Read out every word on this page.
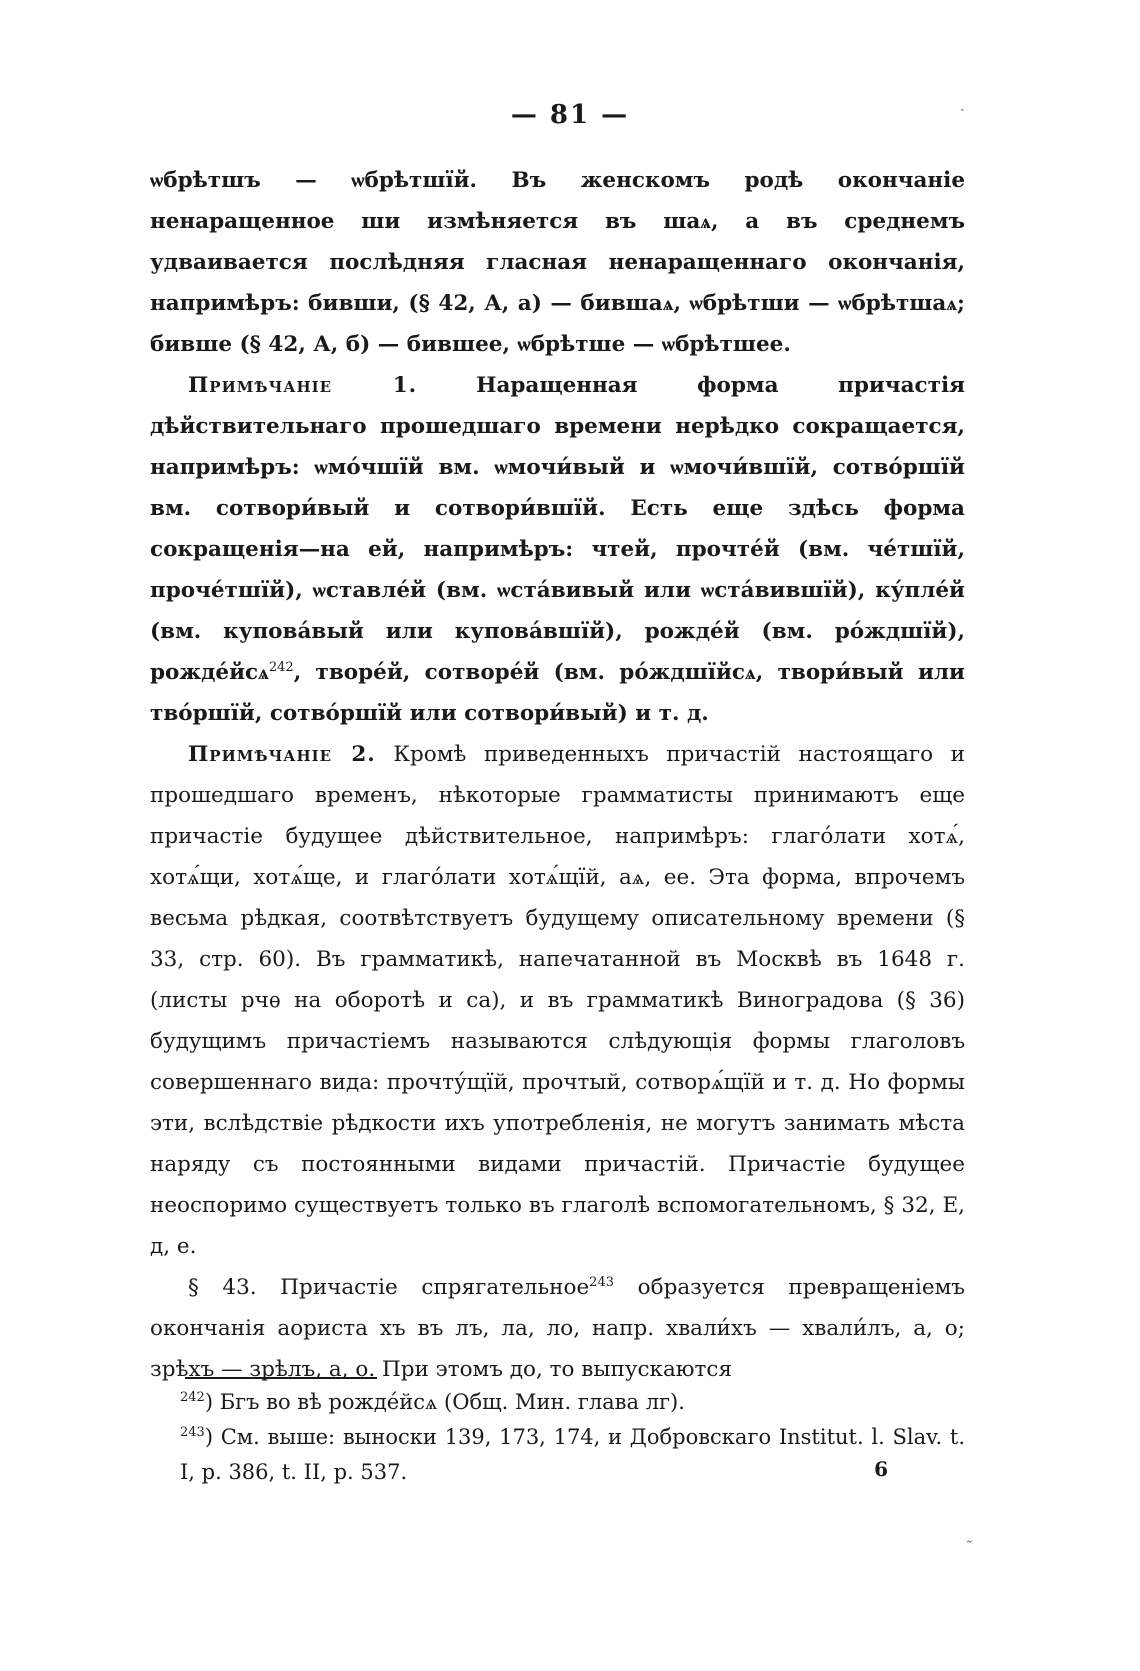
— 81 —

ѡбрѣтшъ — ѡбрѣтшїй. Въ женскомъ родѣ окончаніе ненаращенное ши измѣняется въ шаѧ, а въ среднемъ удваивается послѣдняя гласная ненаращеннаго окончанія, напримѣръ: бивши, (§ 42, А, а) — бившаѧ, ѡбрѣтши — ѡбрѣтшаѧ; бивше (§ 42, А, б) — бившее, ѡбрѣтше — ѡбрѣтшее.

Примѣчаніе 1.	Наращенная форма причастія дѣйствительнаго прошедшаго времени нерѣдко сокращается, напримѣръ: ѡмо́чшїй вм. ѡмочи́вый и ѡмочи́вшїй, сотво́ршїй вм. сотвори́вый и сотвори́вшїй. Есть еще здѣсь форма сокращенія—на ей, напримѣръ: чтей, прочте́й (вм. че́тшїй, проче́тшїй), ѡставле́й (вм. ѡста́вивый или ѡста́вившїй), ку́пле́й (вм. купова́вый или купова́вшїй), рожде́й (вм. ро́ждшїй), рожде́йсѧ$^{242}$, творе́й, сотворе́й (вм. ро́ждшїйсѧ, твори́вый или тво́ршїй, сотво́ршїй или сотвори́вый) и т. д.

Примѣчаніе 2. Кромѣ приведенныхъ причастій настоящаго и прошедшаго временъ, нѣкоторые грамматисты принимаютъ еще причастіе будущее дѣйствительное, напримѣръ: глаго́лати хотѧ́, хотѧ́щи, хотѧ́ще, и глаго́лати хотѧ́щїй, аѧ, ее. Эта форма, впрочемъ весьма рѣдкая, соотвѣтствуетъ будущему описательному времени (§ 33, стр. 60). Въ грамматикѣ, напечатанной въ Москвѣ въ 1648 г. (листы рчѳ на оборотѣ и са), и въ грамматикѣ Виноградова (§ 36) будущимъ причастіемъ называются слѣдующія формы глаголовъ совершеннаго вида: прочту́щїй, прочтый, сотворѧ́щїй и т. д. Но формы эти, вслѣдствіе рѣдкости ихъ употребленія, не могутъ занимать мѣста наряду съ постоянными видами причастій. Причастіе будущее неоспоримо существуетъ только въ глаголѣ вспомогательномъ, § 32, Е, д, е.

§ 43. Причастіе спрягательное$^{243}$ образуется превращеніемъ окончанія аориста хъ въ лъ, ла, ло, напр. хвали́хъ — хвали́лъ, а, о; зрѣхъ — зрѣлъ, а, о. При этомъ до, то выпускаются

$^{242}$) Бгъ во вѣ рожде́йсѧ (Общ. Мин. глава лг).

$^{243}$) См. выше: выноски 139, 173, 174, и Добровскаго Institut. l. Slav. t. I, p. 386, t. II, p. 537.	6
ˏ
˷
